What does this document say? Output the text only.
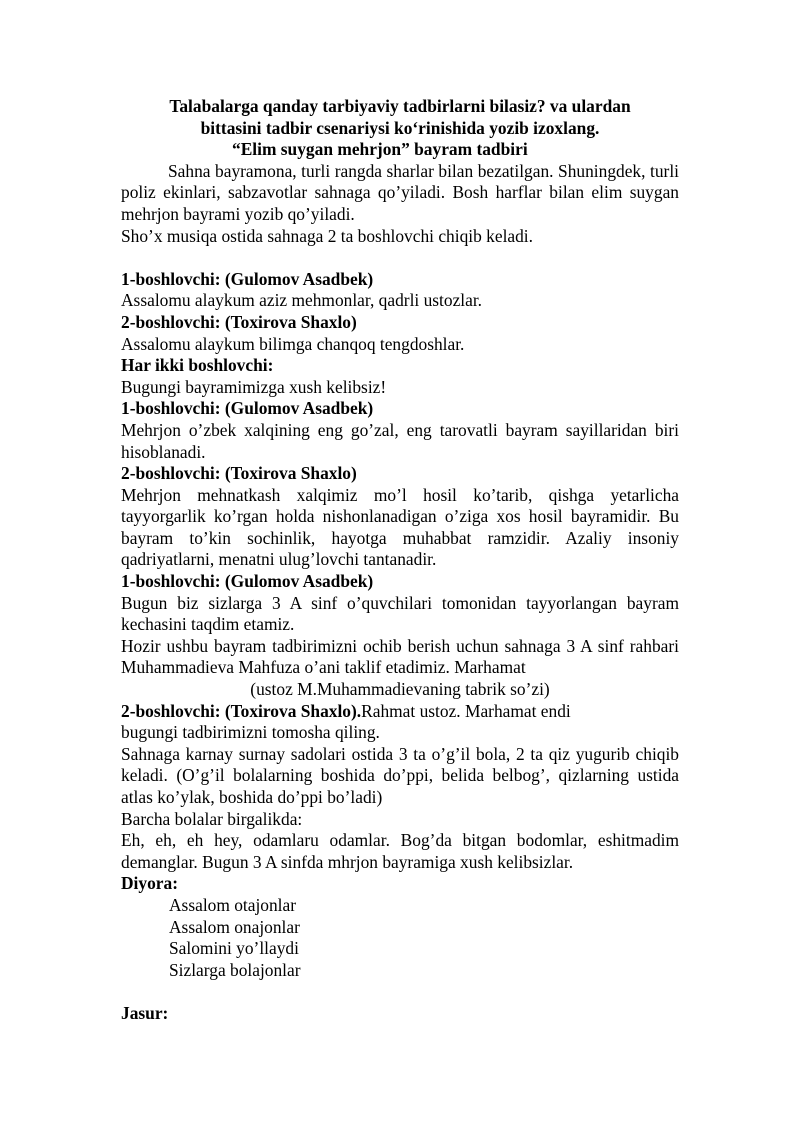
Talabalarga qanday tarbiyaviy tadbirlarni bilasiz? va ulardan

bittasini tadbir csenariysi ko‘rinishida yozib izoxlang.

“Elim suygan mehrjon” bayram tadbiri

Sahna bayramona, turli rangda sharlar bilan bezatilgan. Shuningdek, turli poliz ekinlari, sabzavotlar sahnaga qo’yiladi. Bosh harflar bilan elim suygan mehrjon bayrami yozib qo’yiladi.

Sho’x musiqa ostida sahnaga 2 ta boshlovchi chiqib keladi.

1-boshlovchi: (Gulomov Asadbek)

Assalomu alaykum aziz mehmonlar, qadrli ustozlar.

2-boshlovchi: (Toxirova Shaxlo)

Assalomu alaykum bilimga chanqoq tengdoshlar.

Har ikki boshlovchi:

Bugungi bayramimizga xush kelibsiz!

1-boshlovchi: (Gulomov Asadbek)

Mehrjon o’zbek xalqining eng go’zal, eng tarovatli bayram sayillaridan biri hisoblanadi.

2-boshlovchi: (Toxirova Shaxlo)

Mehrjon mehnatkash xalqimiz mo’l hosil ko’tarib, qishga yetarlicha tayyorgarlik ko’rgan holda nishonlanadigan o’ziga xos hosil bayramidir. Bu bayram to’kin sochinlik, hayotga muhabbat ramzidir. Azaliy insoniy qadriyatlarni, menatni ulug’lovchi tantanadir.

1-boshlovchi: (Gulomov Asadbek)

Bugun biz sizlarga 3 A sinf o’quvchilari tomonidan tayyorlangan bayram kechasini taqdim etamiz.

Hozir ushbu bayram tadbirimizni ochib berish uchun sahnaga 3 A sinf rahbari Muhammadieva Mahfuza o’ani taklif etadimiz. Marhamat

(ustoz M.Muhammadievaning tabrik so’zi)

2-boshlovchi: (Toxirova Shaxlo).Rahmat ustoz. Marhamat endi

bugungi tadbirimizni tomosha qiling.

Sahnaga karnay surnay sadolari ostida 3 ta o’g’il bola, 2 ta qiz yugurib chiqib keladi. (O’g’il bolalarning boshida do’ppi, belida belbog’, qizlarning ustida atlas ko’ylak, boshida do’ppi bo’ladi)

Barcha bolalar birgalikda:

Eh, eh, eh hey, odamlaru odamlar. Bog’da bitgan bodomlar, eshitmadim demanglar. Bugun 3 A sinfda mhrjon bayramiga xush kelibsizlar.

Diyora:

Assalom otajonlar

Assalom onajonlar

Salomini yo’llaydi

Sizlarga bolajonlar

Jasur:
